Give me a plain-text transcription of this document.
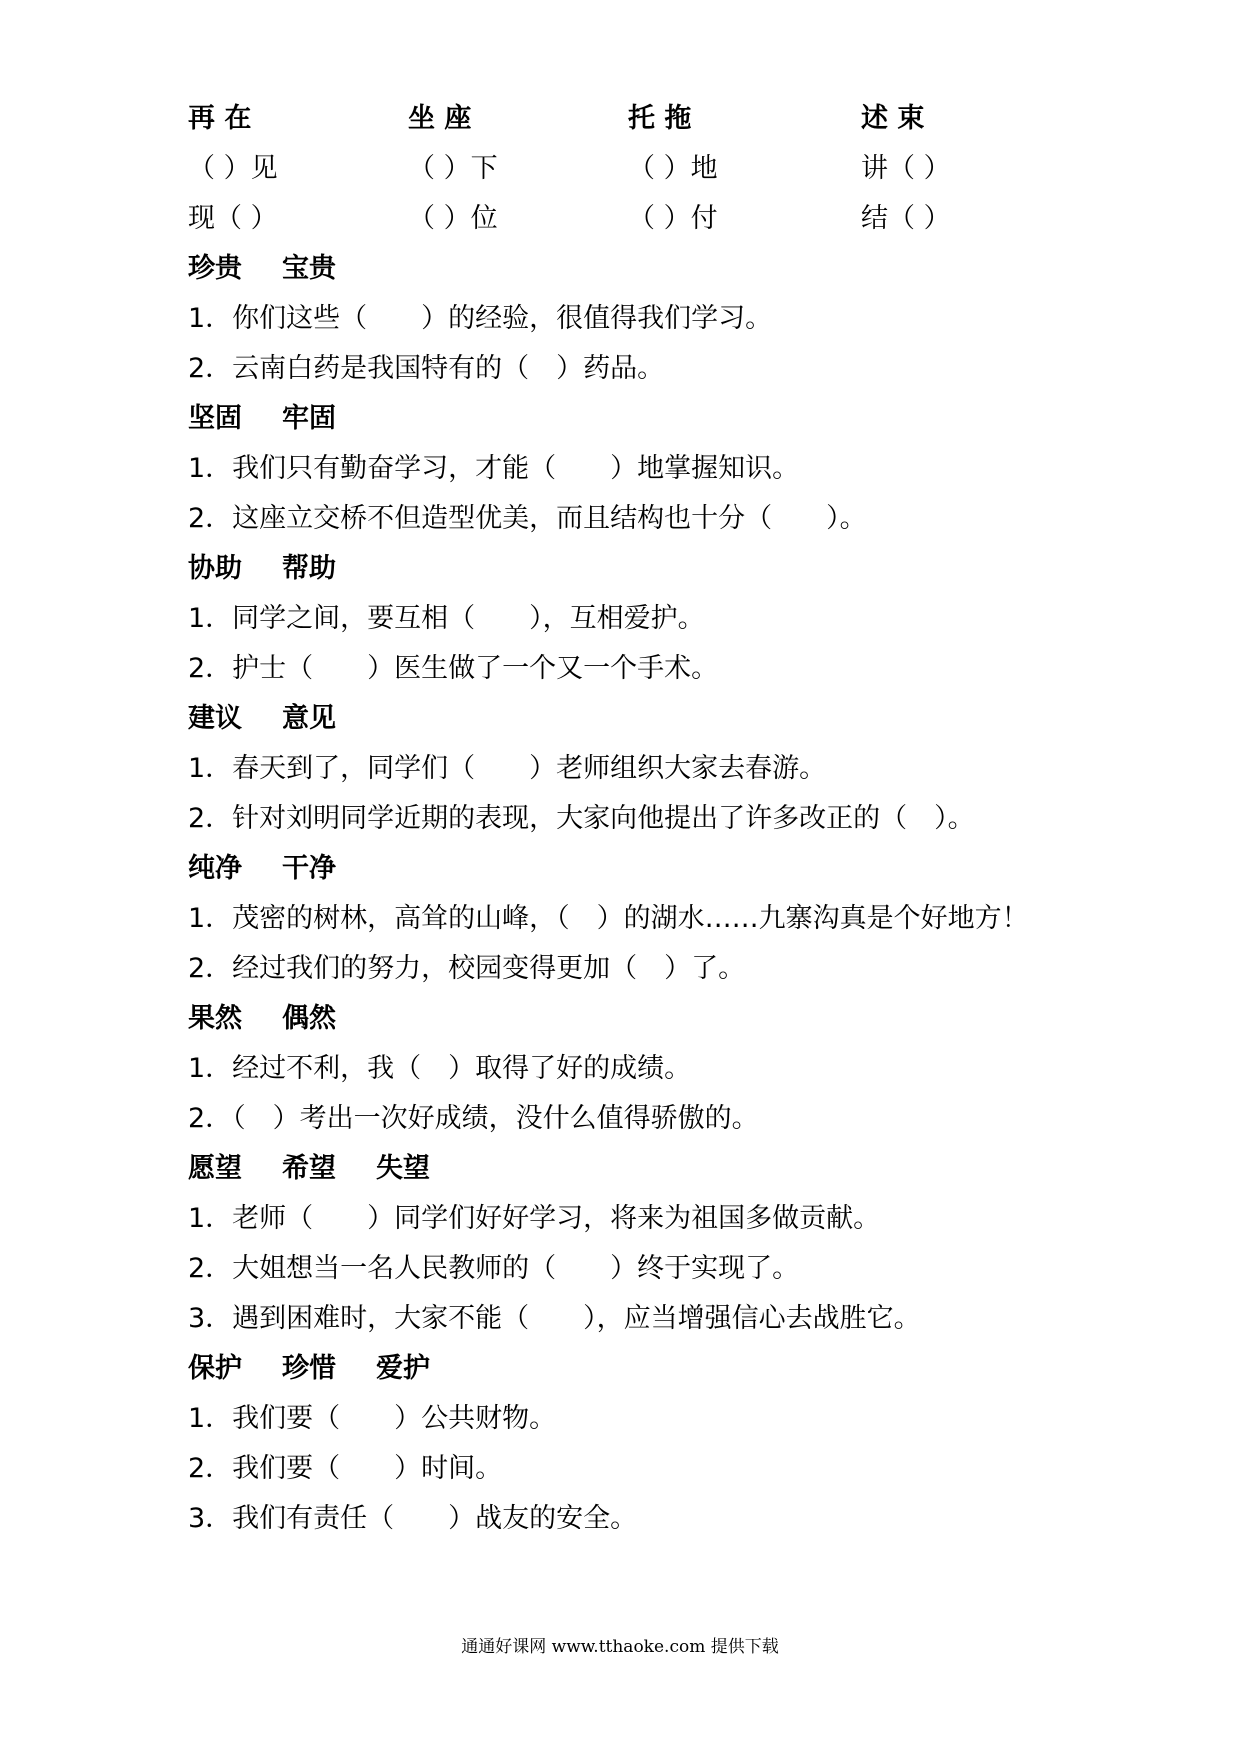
再 在	坐 座	托 拖	述 束
（ ）见	（ ）下	（ ）地	讲（ ）
现（ ）	（ ）位	（ ）付	结（ ）
珍贵 宝贵
1．你们这些（　　）的经验，很值得我们学习。
2．云南白药是我国特有的（　）药品。
坚固 牢固
1．我们只有勤奋学习，才能（　　）地掌握知识。
2．这座立交桥不但造型优美，而且结构也十分（　　）。
协助 帮助
1．同学之间，要互相（　　），互相爱护。
2．护士（　　）医生做了一个又一个手术。
建议 意见
1．春天到了，同学们（　　）老师组织大家去春游。
2．针对刘明同学近期的表现，大家向他提出了许多改正的（　）。
纯净 干净
1．茂密的树林，高耸的山峰，（　）的湖水……九寨沟真是个好地方！
2．经过我们的努力，校园变得更加（　）了。
果然 偶然
1．经过不利，我（　）取得了好的成绩。
2．（　）考出一次好成绩，没什么值得骄傲的。
愿望 希望 失望
1．老师（　　）同学们好好学习，将来为祖国多做贡献。
2．大姐想当一名人民教师的（　　）终于实现了。
3．遇到困难时，大家不能（　　），应当增强信心去战胜它。
保护 珍惜 爱护
1．我们要（　　）公共财物。
2．我们要（　　）时间。
3．我们有责任（　　）战友的安全。
通通好课网 www.tthaoke.com 提供下载
